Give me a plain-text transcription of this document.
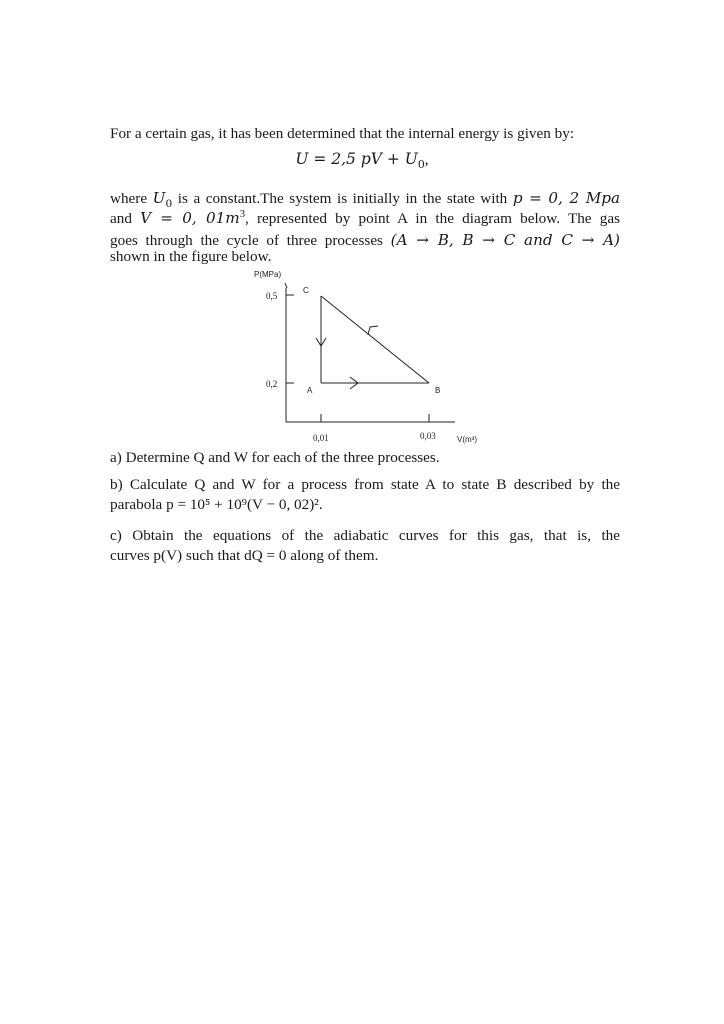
For a certain gas, it has been determined that the internal energy is given by:
U = 2,5 pV + $U_0$,
where $U_0$ is a constant.The system is initially in the state with p = 0, 2 Mpa
and V = 0, $01m^3$, represented by point A in the diagram below. The gas
goes through the cycle of three processes (A → B, B → C and C → A)
shown in the figure below.
P(MPa)
0,5
0,2
0,01	0,03	V(m³)
C
A	B
a) Determine Q and W for each of the three processes.
b) Calculate Q and W for a process from state A to state B described by the
parabola p = 10⁵ + 10⁹(V − 0, 02)².
c) Obtain the equations of the adiabatic curves for this gas, that is, the
curves p(V) such that dQ = 0 along of them.
